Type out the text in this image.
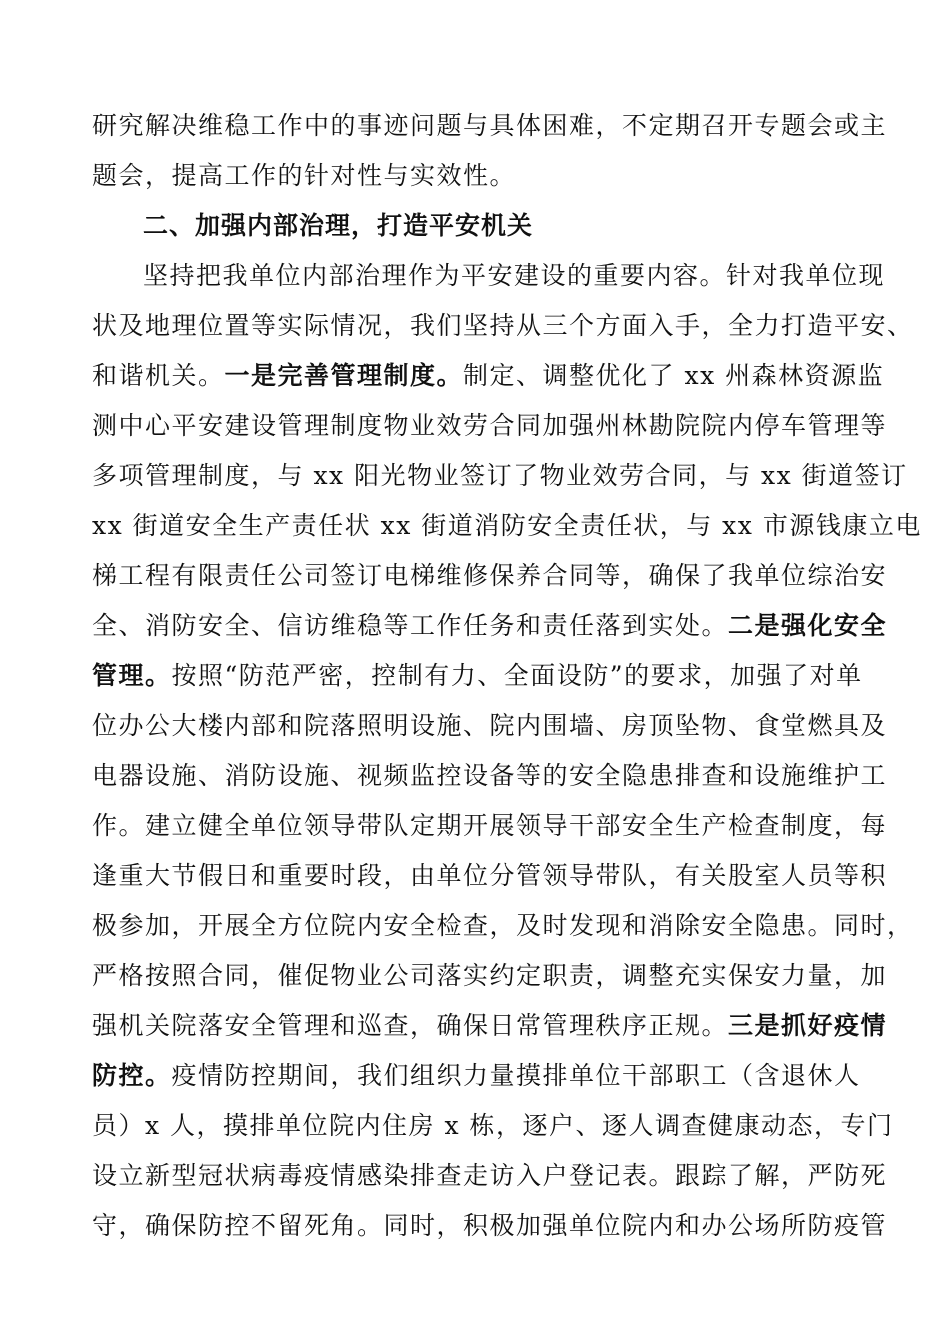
研究解决维稳工作中的事迹问题与具体困难，不定期召开专题会或主
题会，提高工作的针对性与实效性。
二、加强内部治理，打造平安机关
坚持把我单位内部治理作为平安建设的重要内容。针对我单位现
状及地理位置等实际情况，我们坚持从三个方面入手，全力打造平安、
和谐机关。一是完善管理制度。制定、调整优化了 xx 州森林资源监
测中心平安建设管理制度物业效劳合同加强州林勘院院内停车管理等
多项管理制度，与 xx 阳光物业签订了物业效劳合同，与 xx 街道签订
xx 街道安全生产责任状 xx 街道消防安全责任状，与 xx 市源钱康立电
梯工程有限责任公司签订电梯维修保养合同等，确保了我单位综治安
全、消防安全、信访维稳等工作任务和责任落到实处。二是强化安全
管理。按照“防范严密，控制有力、全面设防”的要求，加强了对单
位办公大楼内部和院落照明设施、院内围墙、房顶坠物、食堂燃具及
电器设施、消防设施、视频监控设备等的安全隐患排查和设施维护工
作。建立健全单位领导带队定期开展领导干部安全生产检查制度，每
逢重大节假日和重要时段，由单位分管领导带队，有关股室人员等积
极参加，开展全方位院内安全检查，及时发现和消除安全隐患。同时，
严格按照合同，催促物业公司落实约定职责，调整充实保安力量，加
强机关院落安全管理和巡查，确保日常管理秩序正规。三是抓好疫情
防控。疫情防控期间，我们组织力量摸排单位干部职工（含退休人
员）x 人，摸排单位院内住房 x 栋，逐户、逐人调查健康动态，专门
设立新型冠状病毒疫情感染排查走访入户登记表。跟踪了解，严防死
守，确保防控不留死角。同时，积极加强单位院内和办公场所防疫管
